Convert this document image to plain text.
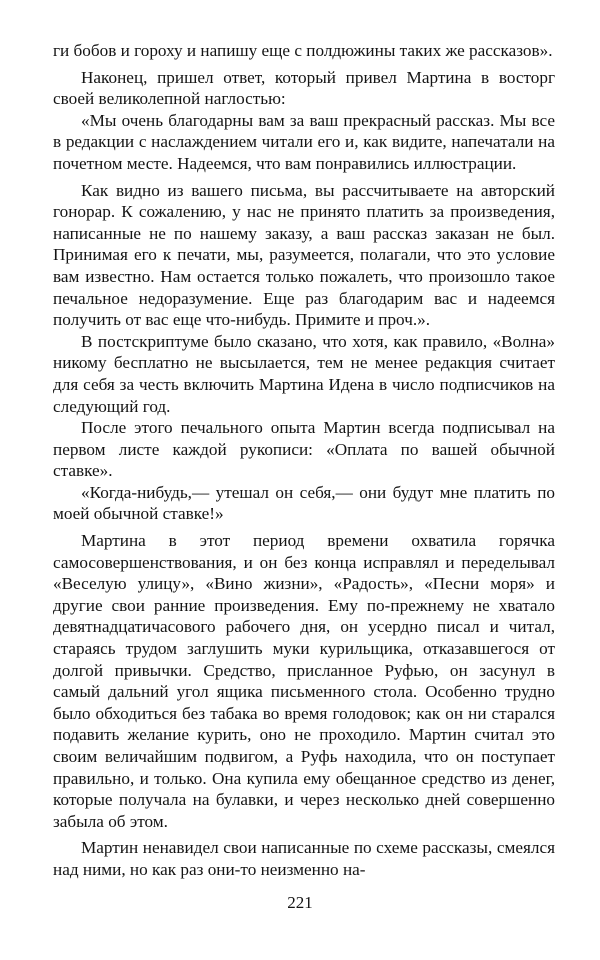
ги бобов и гороху и напишу еще с полдюжины таких же рассказов».

Наконец, пришел ответ, который привел Мартина в восторг своей великолепной наглостью:

«Мы очень благодарны вам за ваш прекрасный рассказ. Мы все в редакции с наслаждением читали его и, как видите, напечатали на почетном месте. Надеемся, что вам понравились иллюстрации.

Как видно из вашего письма, вы рассчитываете на авторский гонорар. К сожалению, у нас не принято платить за произведения, написанные не по нашему заказу, а ваш рассказ заказан не был. Принимая его к печати, мы, разумеется, полагали, что это условие вам известно. Нам остается только пожалеть, что произошло такое печальное недоразумение. Еще раз благодарим вас и надеемся получить от вас еще что-нибудь. Примите и проч.».

В постскриптуме было сказано, что хотя, как правило, «Волна» никому бесплатно не высылается, тем не менее редакция считает для себя за честь включить Мартина Идена в число подписчиков на следующий год.

После этого печального опыта Мартин всегда подписывал на первом листе каждой рукописи: «Оплата по вашей обычной ставке».

«Когда-нибудь,— утешал он себя,— они будут мне платить по моей обычной ставке!»

Мартина в этот период времени охватила горячка самосовершенствования, и он без конца исправлял и переделывал «Веселую улицу», «Вино жизни», «Радость», «Песни моря» и другие свои ранние произведения. Ему по-прежнему не хватало девятнадцатичасового рабочего дня, он усердно писал и читал, стараясь трудом заглушить муки курильщика, отказавшегося от долгой привычки. Средство, присланное Руфью, он засунул в самый дальний угол ящика письменного стола. Особенно трудно было обходиться без табака во время голодовок; как он ни старался подавить желание курить, оно не проходило. Мартин считал это своим величайшим подвигом, а Руфь находила, что он поступает правильно, и только. Она купила ему обещанное средство из денег, которые получала на булавки, и через несколько дней совершенно забыла об этом.

Мартин ненавидел свои написанные по схеме рассказы, смеялся над ними, но как раз они-то неизменно на-

221
